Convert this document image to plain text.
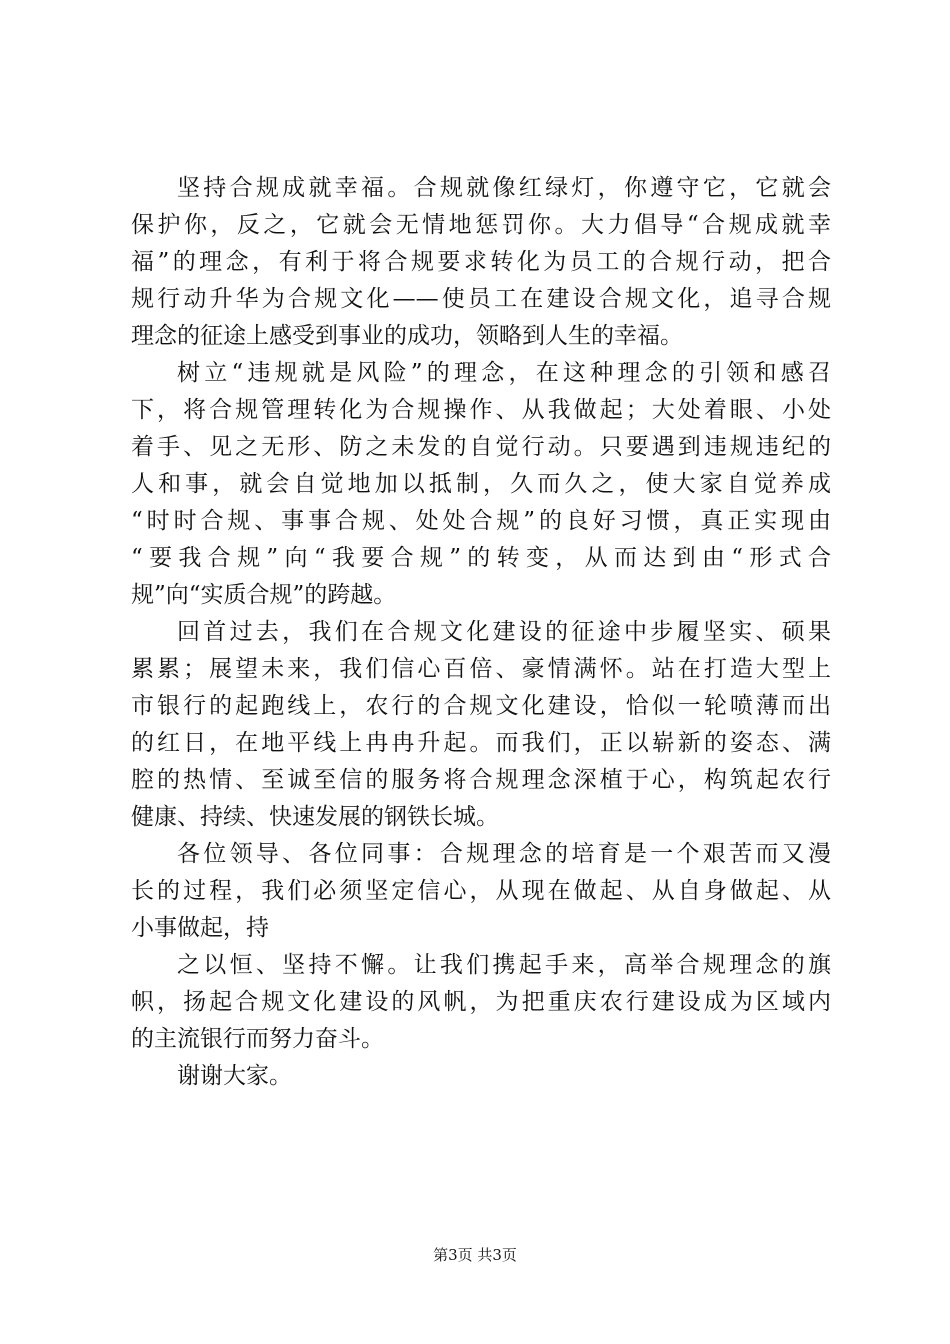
坚持合规成就幸福。合规就像红绿灯，你遵守它，它就会
保护你，反之，它就会无情地惩罚你。大力倡导“合规成就幸
福”的理念，有利于将合规要求转化为员工的合规行动，把合
规行动升华为合规文化——使员工在建设合规文化，追寻合规
理念的征途上感受到事业的成功，领略到人生的幸福。
树立“违规就是风险”的理念，在这种理念的引领和感召
下，将合规管理转化为合规操作、从我做起；大处着眼、小处
着手、见之无形、防之未发的自觉行动。只要遇到违规违纪的
人和事，就会自觉地加以抵制，久而久之，使大家自觉养成
“时时合规、事事合规、处处合规”的良好习惯，真正实现由
“要我合规”向“我要合规”的转变，从而达到由“形式合
规”向“实质合规”的跨越。
回首过去，我们在合规文化建设的征途中步履坚实、硕果
累累；展望未来，我们信心百倍、豪情满怀。站在打造大型上
市银行的起跑线上，农行的合规文化建设，恰似一轮喷薄而出
的红日，在地平线上冉冉升起。而我们，正以崭新的姿态、满
腔的热情、至诚至信的服务将合规理念深植于心，构筑起农行
健康、持续、快速发展的钢铁长城。
各位领导、各位同事：合规理念的培育是一个艰苦而又漫
长的过程，我们必须坚定信心，从现在做起、从自身做起、从
小事做起，持
之以恒、坚持不懈。让我们携起手来，高举合规理念的旗
帜，扬起合规文化建设的风帆，为把重庆农行建设成为区域内
的主流银行而努力奋斗。
谢谢大家。
第3页 共3页
